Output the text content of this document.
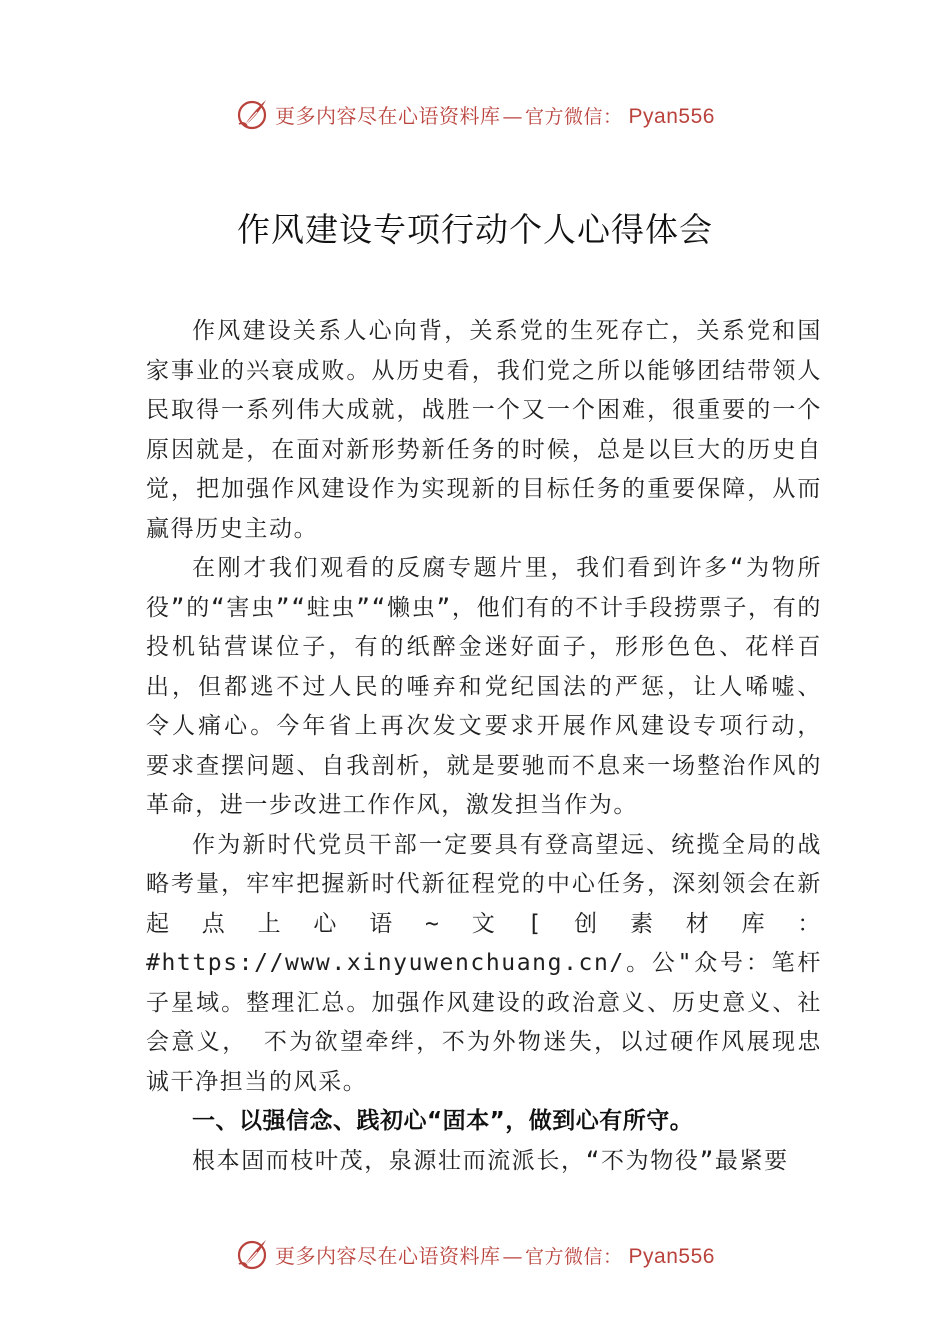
更多内容尽在心语资料库 — 官方微信： Pyan556
作风建设专项行动个人心得体会

作风建设关系人心向背，关系党的生死存亡，关系党和国家事业的兴衰成败。从历史看，我们党之所以能够团结带领人民取得一系列伟大成就，战胜一个又一个困难，很重要的一个原因就是，在面对新形势新任务的时候，总是以巨大的历史自觉，把加强作风建设作为实现新的目标任务的重要保障，从而赢得历史主动。

在刚才我们观看的反腐专题片里，我们看到许多“为物所役”的“害虫”“蛀虫”“懒虫”，他们有的不计手段捞票子，有的投机钻营谋位子，有的纸醉金迷好面子，形形色色、花样百出，但都逃不过人民的唾弃和党纪国法的严惩，让人唏嘘、 令人痛心。今年省上再次发文要求开展作风建设专项行动， 要求查摆问题、自我剖析，就是要驰而不息来一场整治作风的革命，进一步改进工作作风，激发担当作为。

作为新时代党员干部一定要具有登高望远、统揽全局的战略考量，牢牢把握新时代新征程党的中心任务，深刻领会在新起点上心语~文[创素材库：#https://www.xinyuwenchuang.cn/。公"众号：笔杆子星域。整理汇总。加强作风建设的政治意义、历史意义、社会意义， 不为欲望牵绊，不为外物迷失，以过硬作风展现忠诚干净担当的风采。

一、以强信念、践初心“固本”，做到心有所守。

根本固而枝叶茂，泉源壮而流派长，“不为物役”最紧要

更多内容尽在心语资料库 — 官方微信： Pyan556
